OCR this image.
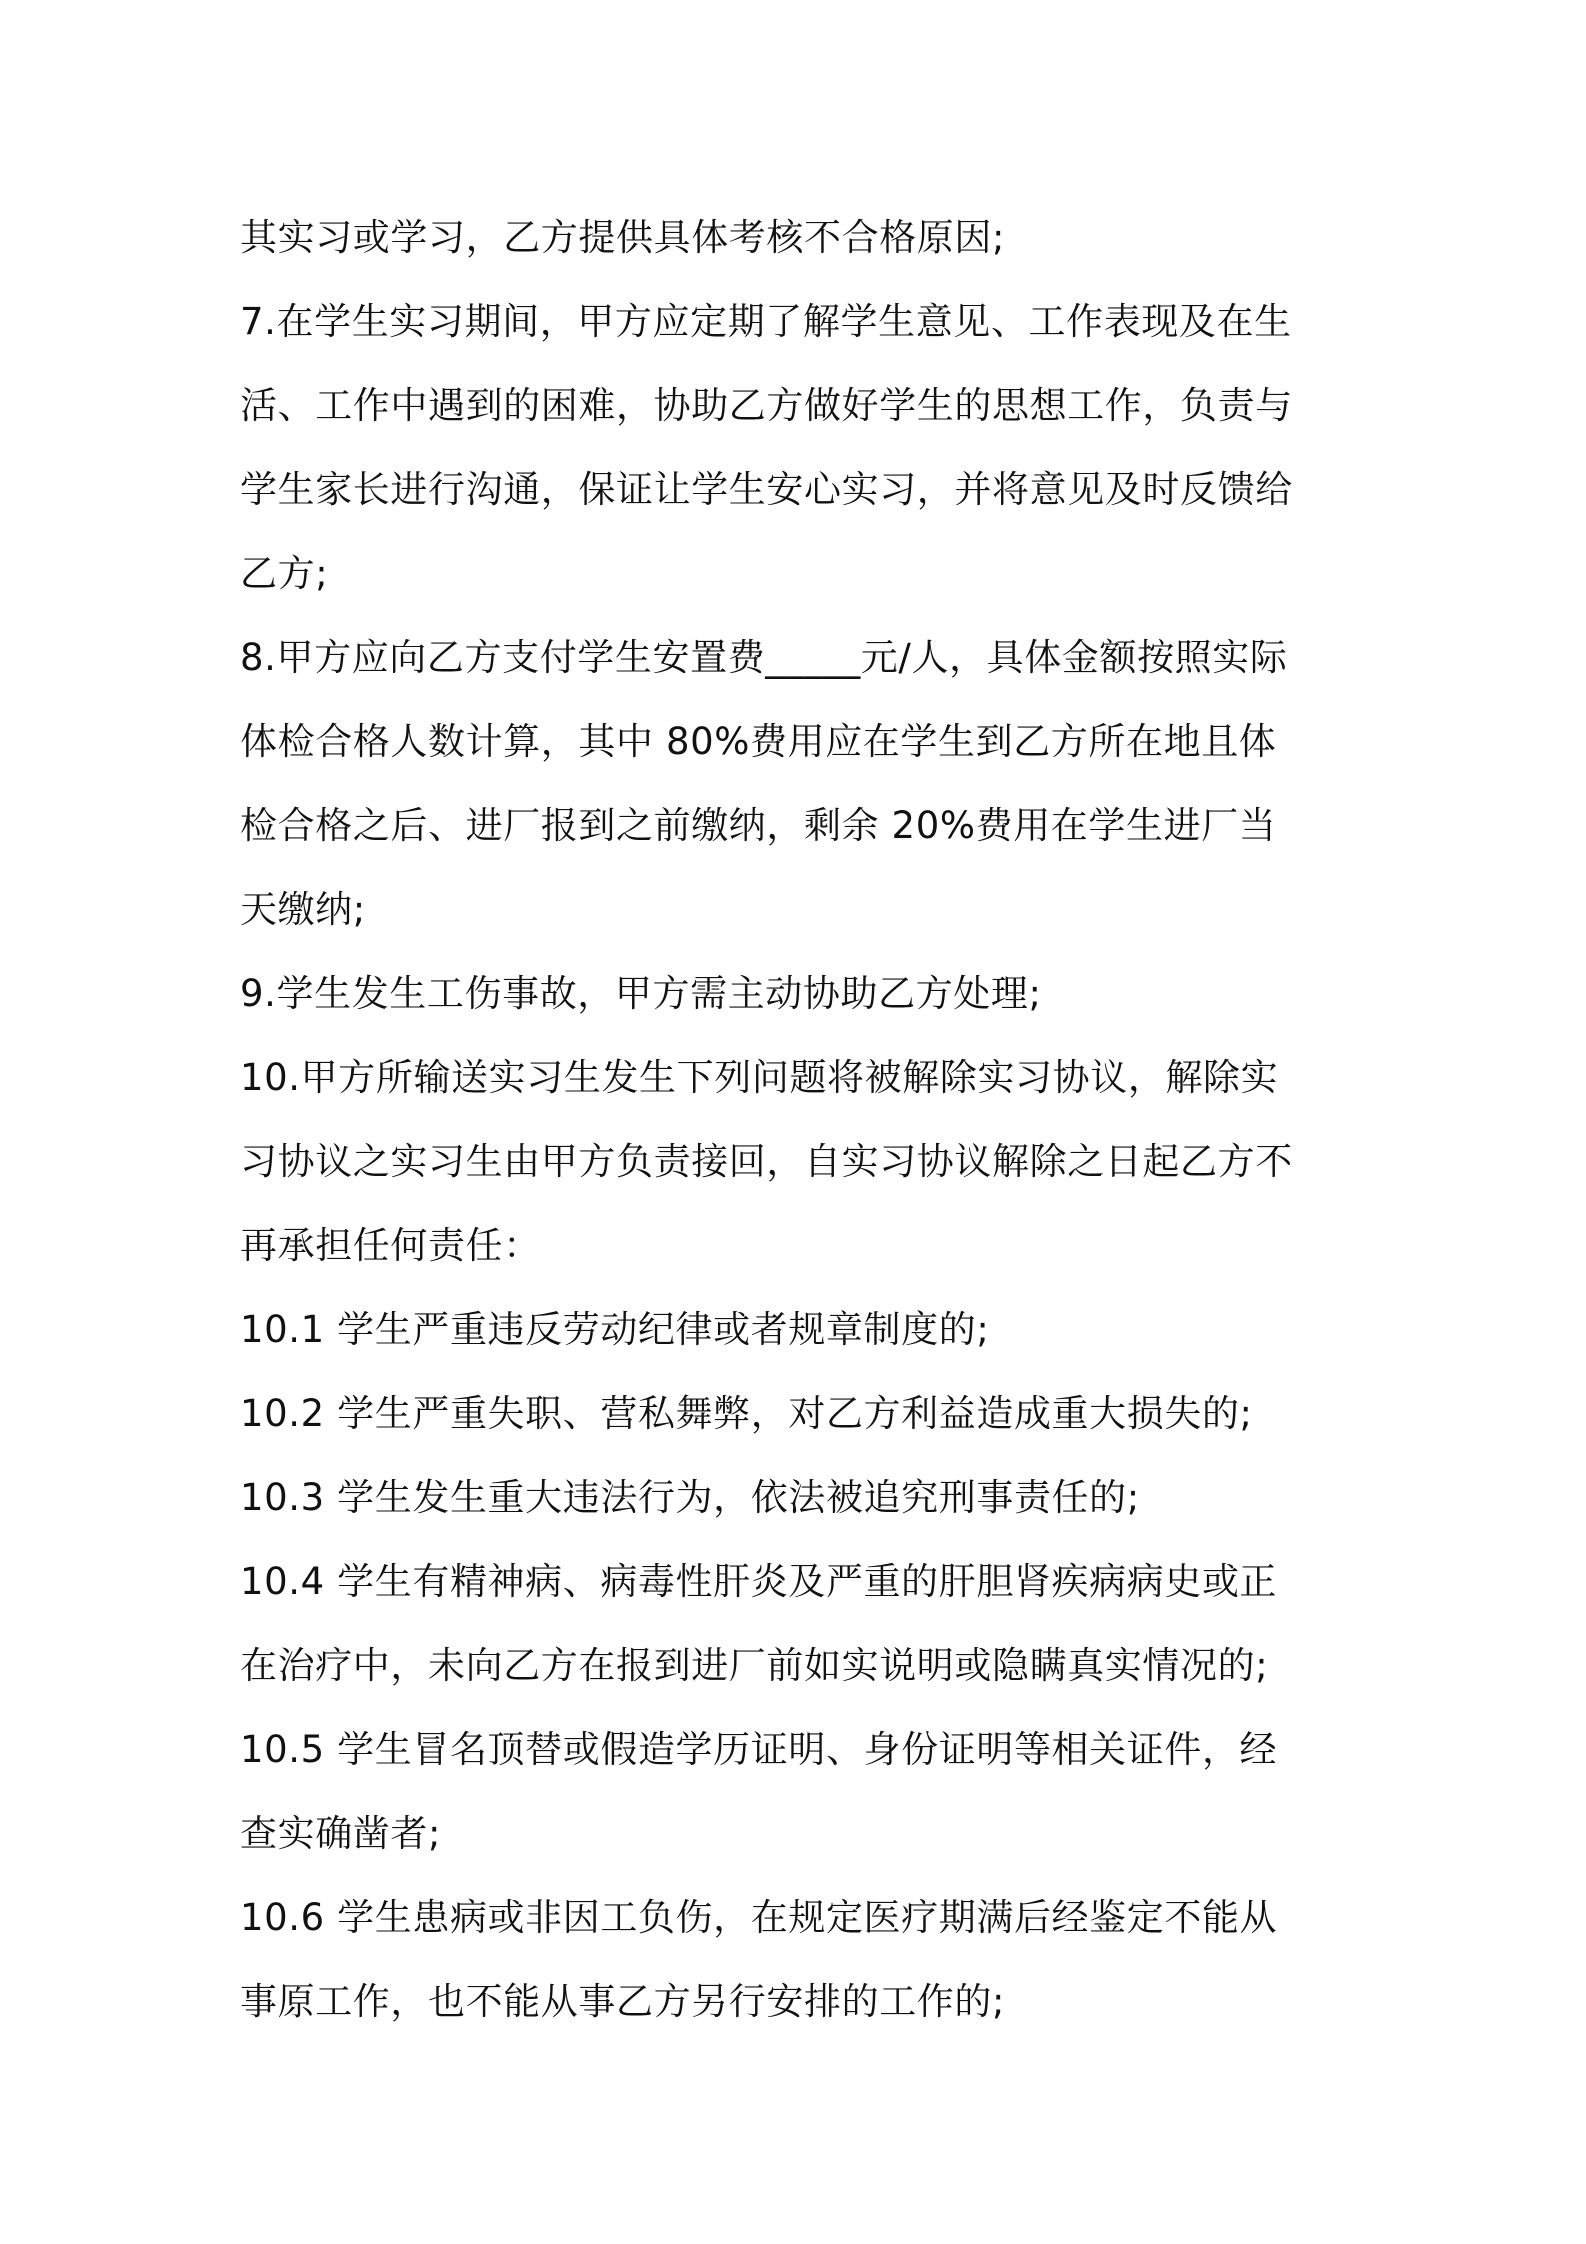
其实习或学习，乙方提供具体考核不合格原因;
7.在学生实习期间，甲方应定期了解学生意见、工作表现及在生
活、工作中遇到的困难，协助乙方做好学生的思想工作，负责与
学生家长进行沟通，保证让学生安心实习，并将意见及时反馈给
乙方;
8.甲方应向乙方支付学生安置费_____元/人，具体金额按照实际
体检合格人数计算，其中 80%费用应在学生到乙方所在地且体
检合格之后、进厂报到之前缴纳，剩余 20%费用在学生进厂当
天缴纳;
9.学生发生工伤事故，甲方需主动协助乙方处理;
10.甲方所输送实习生发生下列问题将被解除实习协议，解除实
习协议之实习生由甲方负责接回，自实习协议解除之日起乙方不
再承担任何责任：
10.1 学生严重违反劳动纪律或者规章制度的;
10.2 学生严重失职、营私舞弊，对乙方利益造成重大损失的;
10.3 学生发生重大违法行为，依法被追究刑事责任的;
10.4 学生有精神病、病毒性肝炎及严重的肝胆肾疾病病史或正
在治疗中，未向乙方在报到进厂前如实说明或隐瞒真实情况的;
10.5 学生冒名顶替或假造学历证明、身份证明等相关证件，经
查实确凿者;
10.6 学生患病或非因工负伤，在规定医疗期满后经鉴定不能从
事原工作，也不能从事乙方另行安排的工作的;
